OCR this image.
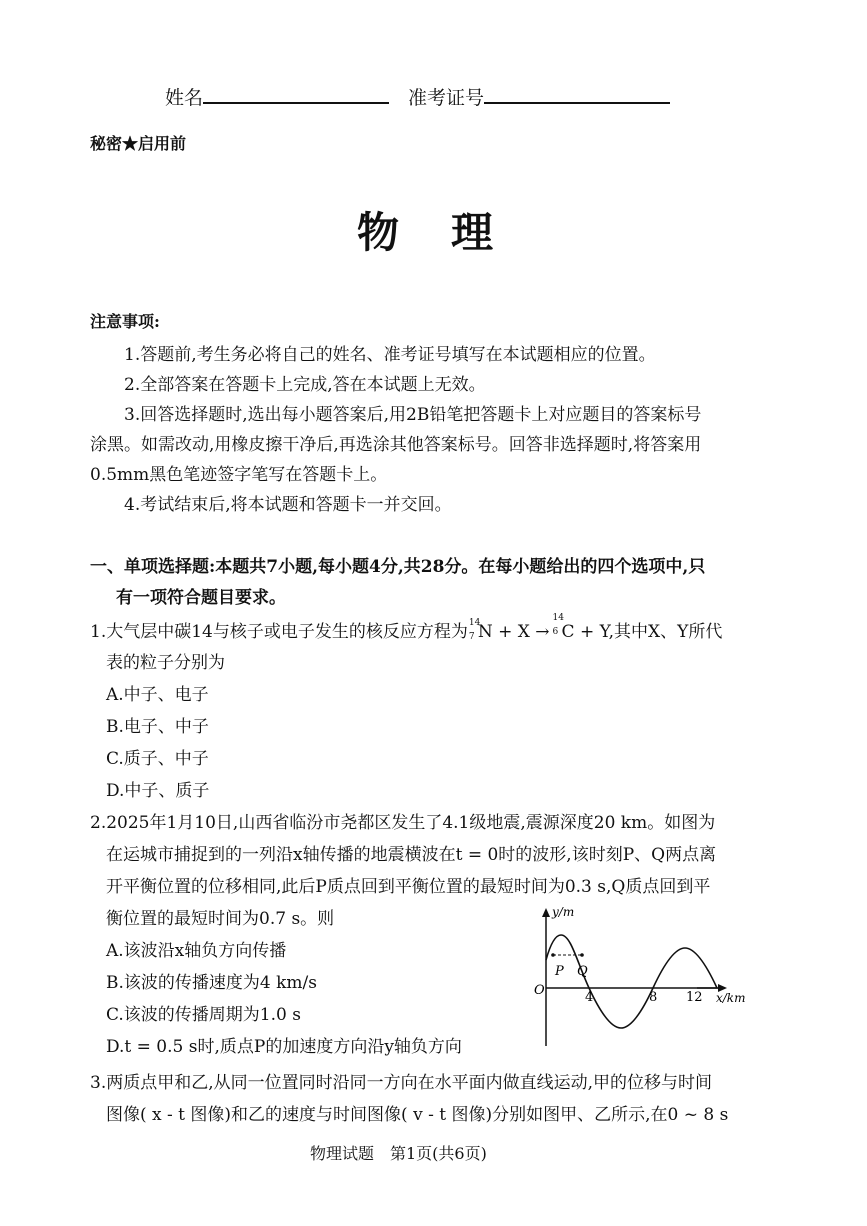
姓名	准考证号
秘密★启用前
物理
注意事项:
1.答题前,考生务必将自己的姓名、准考证号填写在本试题相应的位置。
2.全部答案在答题卡上完成,答在本试题上无效。
3.回答选择题时,选出每小题答案后,用2B铅笔把答题卡上对应题目的答案标号
涂黑。如需改动,用橡皮擦干净后,再选涂其他答案标号。回答非选择题时,将答案用
0.5mm黑色笔迹签字笔写在答题卡上。
4.考试结束后,将本试题和答题卡一并交回。
一、单项选择题:本题共7小题,每小题4分,共28分。在每小题给出的四个选项中,只
有一项符合题目要求。
1.大气层中碳14与核子或电子发生的核反应方程为 14
7 N + X →
14
6 C + Y,其中X、Y所代
表的粒子分别为
A.中子、电子
B.电子、中子
C.质子、中子
D.中子、质子
2.2025年1月10日,山西省临汾市尧都区发生了4.1级地震,震源深度20 km。如图为
在运城市捕捉到的一列沿x轴传播的地震横波在t = 0时的波形,该时刻P、Q两点离
开平衡位置的位移相同,此后P质点回到平衡位置的最短时间为0.3 s,Q质点回到平
衡位置的最短时间为0.7 s。则
A.该波沿x轴负方向传播
B.该波的传播速度为4 km/s
C.该波的传播周期为1.0 s
D.t = 0.5 s时,质点P的加速度方向沿y轴负方向
y/m
x/km
O	4	8 12
P Q
3.两质点甲和乙,从同一位置同时沿同一方向在水平面内做直线运动,甲的位移与时间
图像( x - t 图像)和乙的速度与时间图像( v - t 图像)分别如图甲、乙所示,在0 ~ 8 s
物理试题　第1页(共6页)
